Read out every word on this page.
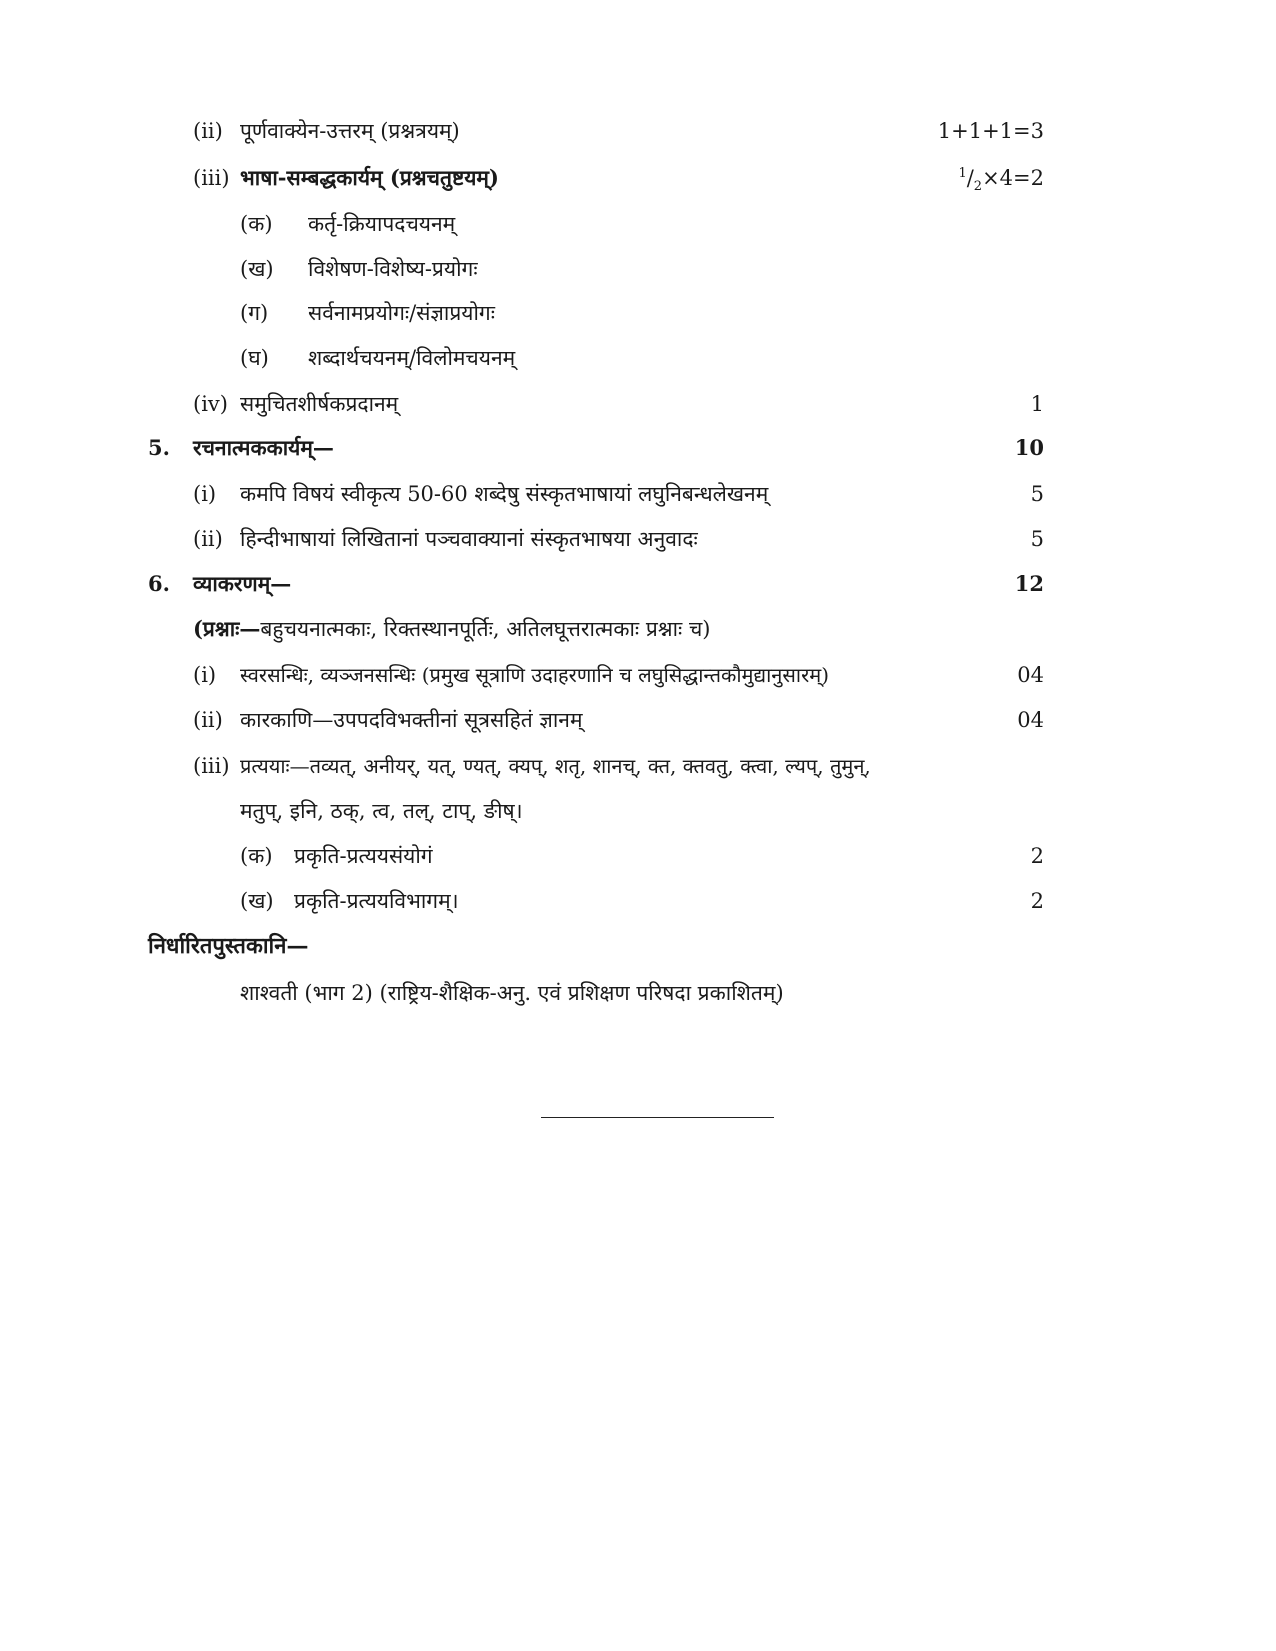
(ii) पूर्णवाक्येन-उत्तरम् (प्रश्नत्रयम्)	1+1+1=3
(iii) भाषा-सम्बद्धकार्यम् (प्रश्नचतुष्टयम्)	$^1/_2\times 4=2$
(क) कर्तृ-क्रियापदचयनम्
(ख) विशेषण-विशेष्य-प्रयोगः
(ग) सर्वनामप्रयोगः/संज्ञाप्रयोगः
(घ) शब्दार्थचयनम्/विलोमचयनम्
(iv) समुचितशीर्षकप्रदानम्	1
5. रचनात्मककार्यम्—	10
(i) कमपि विषयं स्वीकृत्य 50-60 शब्देषु संस्कृतभाषायां लघुनिबन्धलेखनम्	5
(ii) हिन्दीभाषायां लिखितानां पञ्चवाक्यानां संस्कृतभाषया अनुवादः	5
6. व्याकरणम्—	12
(प्रश्नाः—बहुचयनात्मकाः, रिक्तस्थानपूर्तिः, अतिलघूत्तरात्मकाः प्रश्नाः च)
(i) स्वरसन्धिः, व्यञ्जनसन्धिः (प्रमुख सूत्राणि उदाहरणानि च लघुसिद्धान्तकौमुद्यानुसारम्)	04
(ii) कारकाणि—उपपदविभक्तीनां सूत्रसहितं ज्ञानम्	04
(iii) प्रत्ययाः—तव्यत्, अनीयर्, यत्, ण्यत्, क्यप्, शतृ, शानच्, क्त, क्तवतु, क्त्वा, ल्यप्, तुमुन्,
मतुप्, इनि, ठक्, त्व, तल्, टाप्, ङीष्।
(क) प्रकृति-प्रत्ययसंयोगं	2
(ख) प्रकृति-प्रत्ययविभागम्।	2
निर्धारितपुस्तकानि—
शाश्वती (भाग 2) (राष्ट्रिय-शैक्षिक-अनु. एवं प्रशिक्षण परिषदा प्रकाशितम्)
